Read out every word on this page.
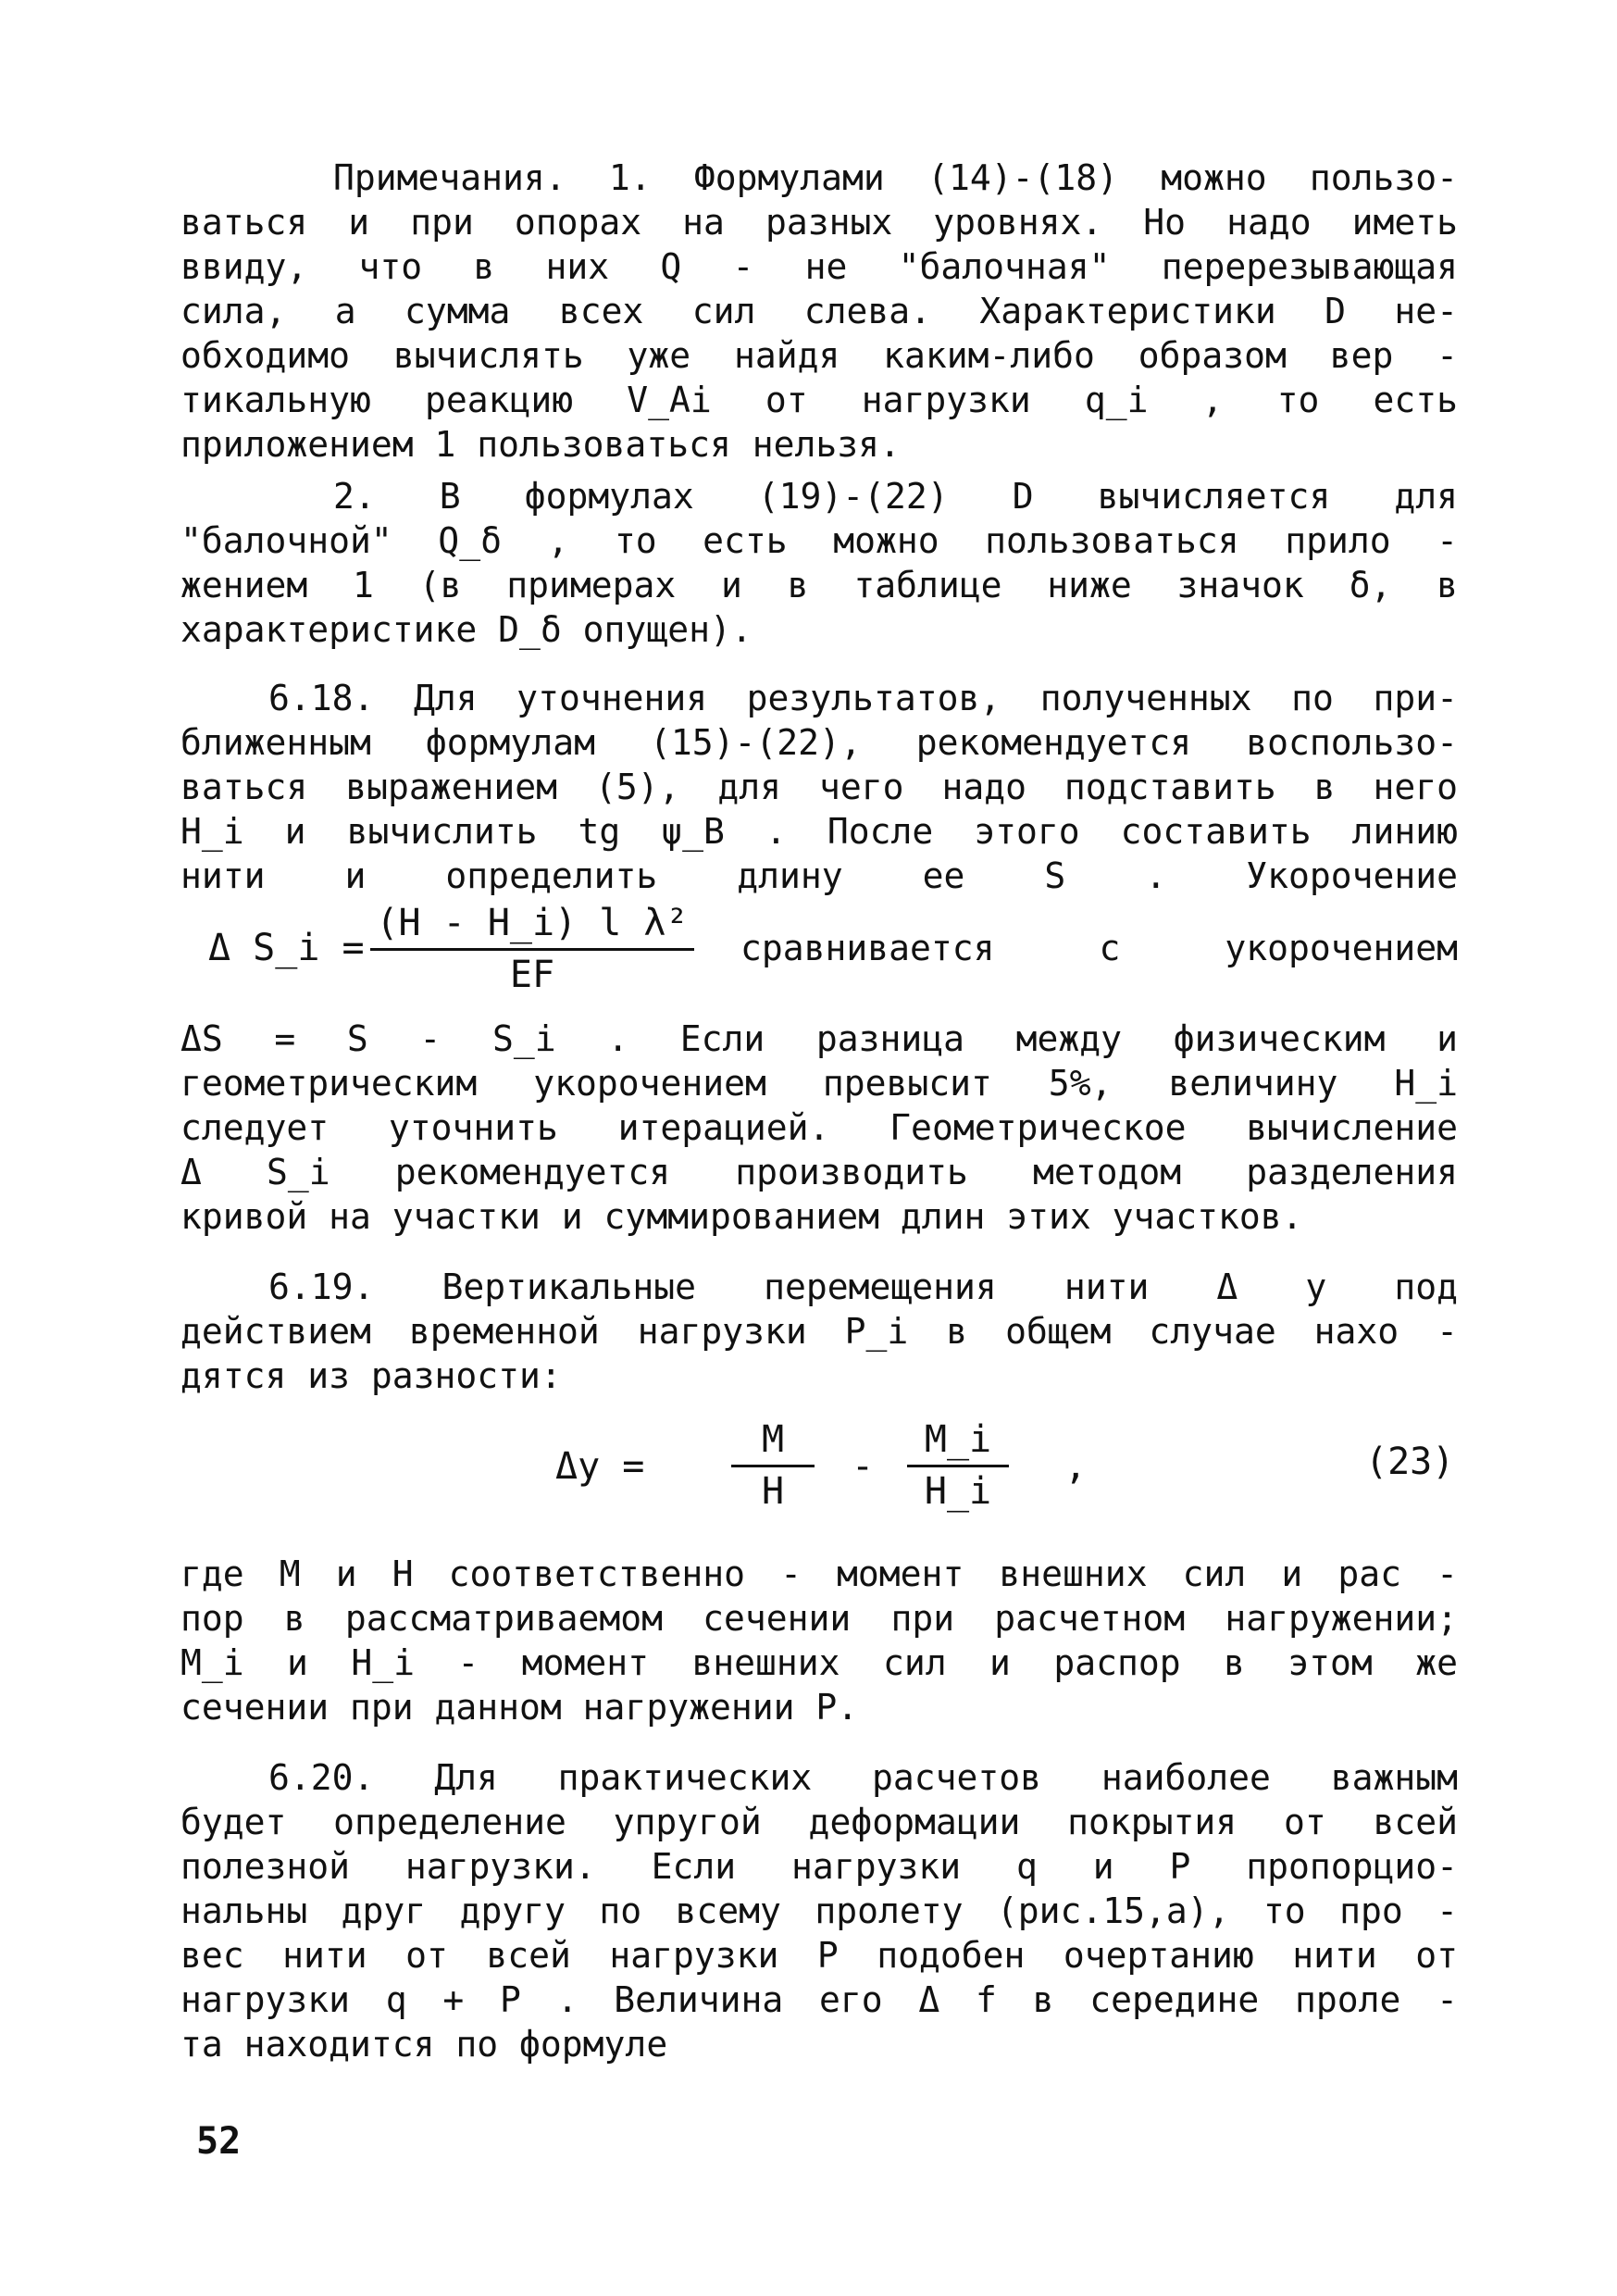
Примечания. 1. Формулами (14)-(18) можно пользо-
ваться и при опорах на разных уровнях. Но надо иметь
ввиду, что в них Q - не "балочная" перерезывающая
сила, а сумма всех сил слева. Характеристики D не-
обходимо вычислять уже найдя каким-либо образом вер -
тикальную реакцию V_Ai от нагрузки q_i , то есть
приложением 1 пользоваться нельзя.
2. В формулах (19)-(22) D вычисляется для
"балочной" Q_δ , то есть можно пользоваться прило -
жением 1 (в примерах и в таблице ниже значок δ, в
характеристике D_δ опущен).
6.18. Для уточнения результатов, полученных по при-
ближенным формулам (15)-(22), рекомендуется воспользо-
ваться выражением (5), для чего надо подставить в него
H_i и вычислить tg ψ_B . После этого составить линию
нити и определить длину ее S . Укорочение
Δ S_i =
(H - H_i) l λ²
EF
сравнивается с укорочением
ΔS = S - S_i . Если разница между физическим и
геометрическим укорочением превысит 5%, величину H_i
следует уточнить итерацией. Геометрическое вычисление
Δ S_i рекомендуется производить методом разделения
кривой на участки и суммированием длин этих участков.
6.19. Вертикальные перемещения нити Δ y под
действием временной нагрузки P_i в общем случае нахо -
дятся из разности:
Δy =
M
H
-
M_i
H_i
,	(23)
где M и H соответственно - момент внешних сил и рас -
пор в рассматриваемом сечении при расчетном нагружении;
M_i и H_i - момент внешних сил и распор в этом же
сечении при данном нагружении P.
6.20. Для практических расчетов наиболее важным
будет определение упругой деформации покрытия от всей
полезной нагрузки. Если нагрузки q и P пропорцио-
нальны друг другу по всему пролету (рис.15,а), то про -
вес нити от всей нагрузки P подобен очертанию нити от
нагрузки q + P . Величина его Δ f в середине проле -
та находится по формуле
52
